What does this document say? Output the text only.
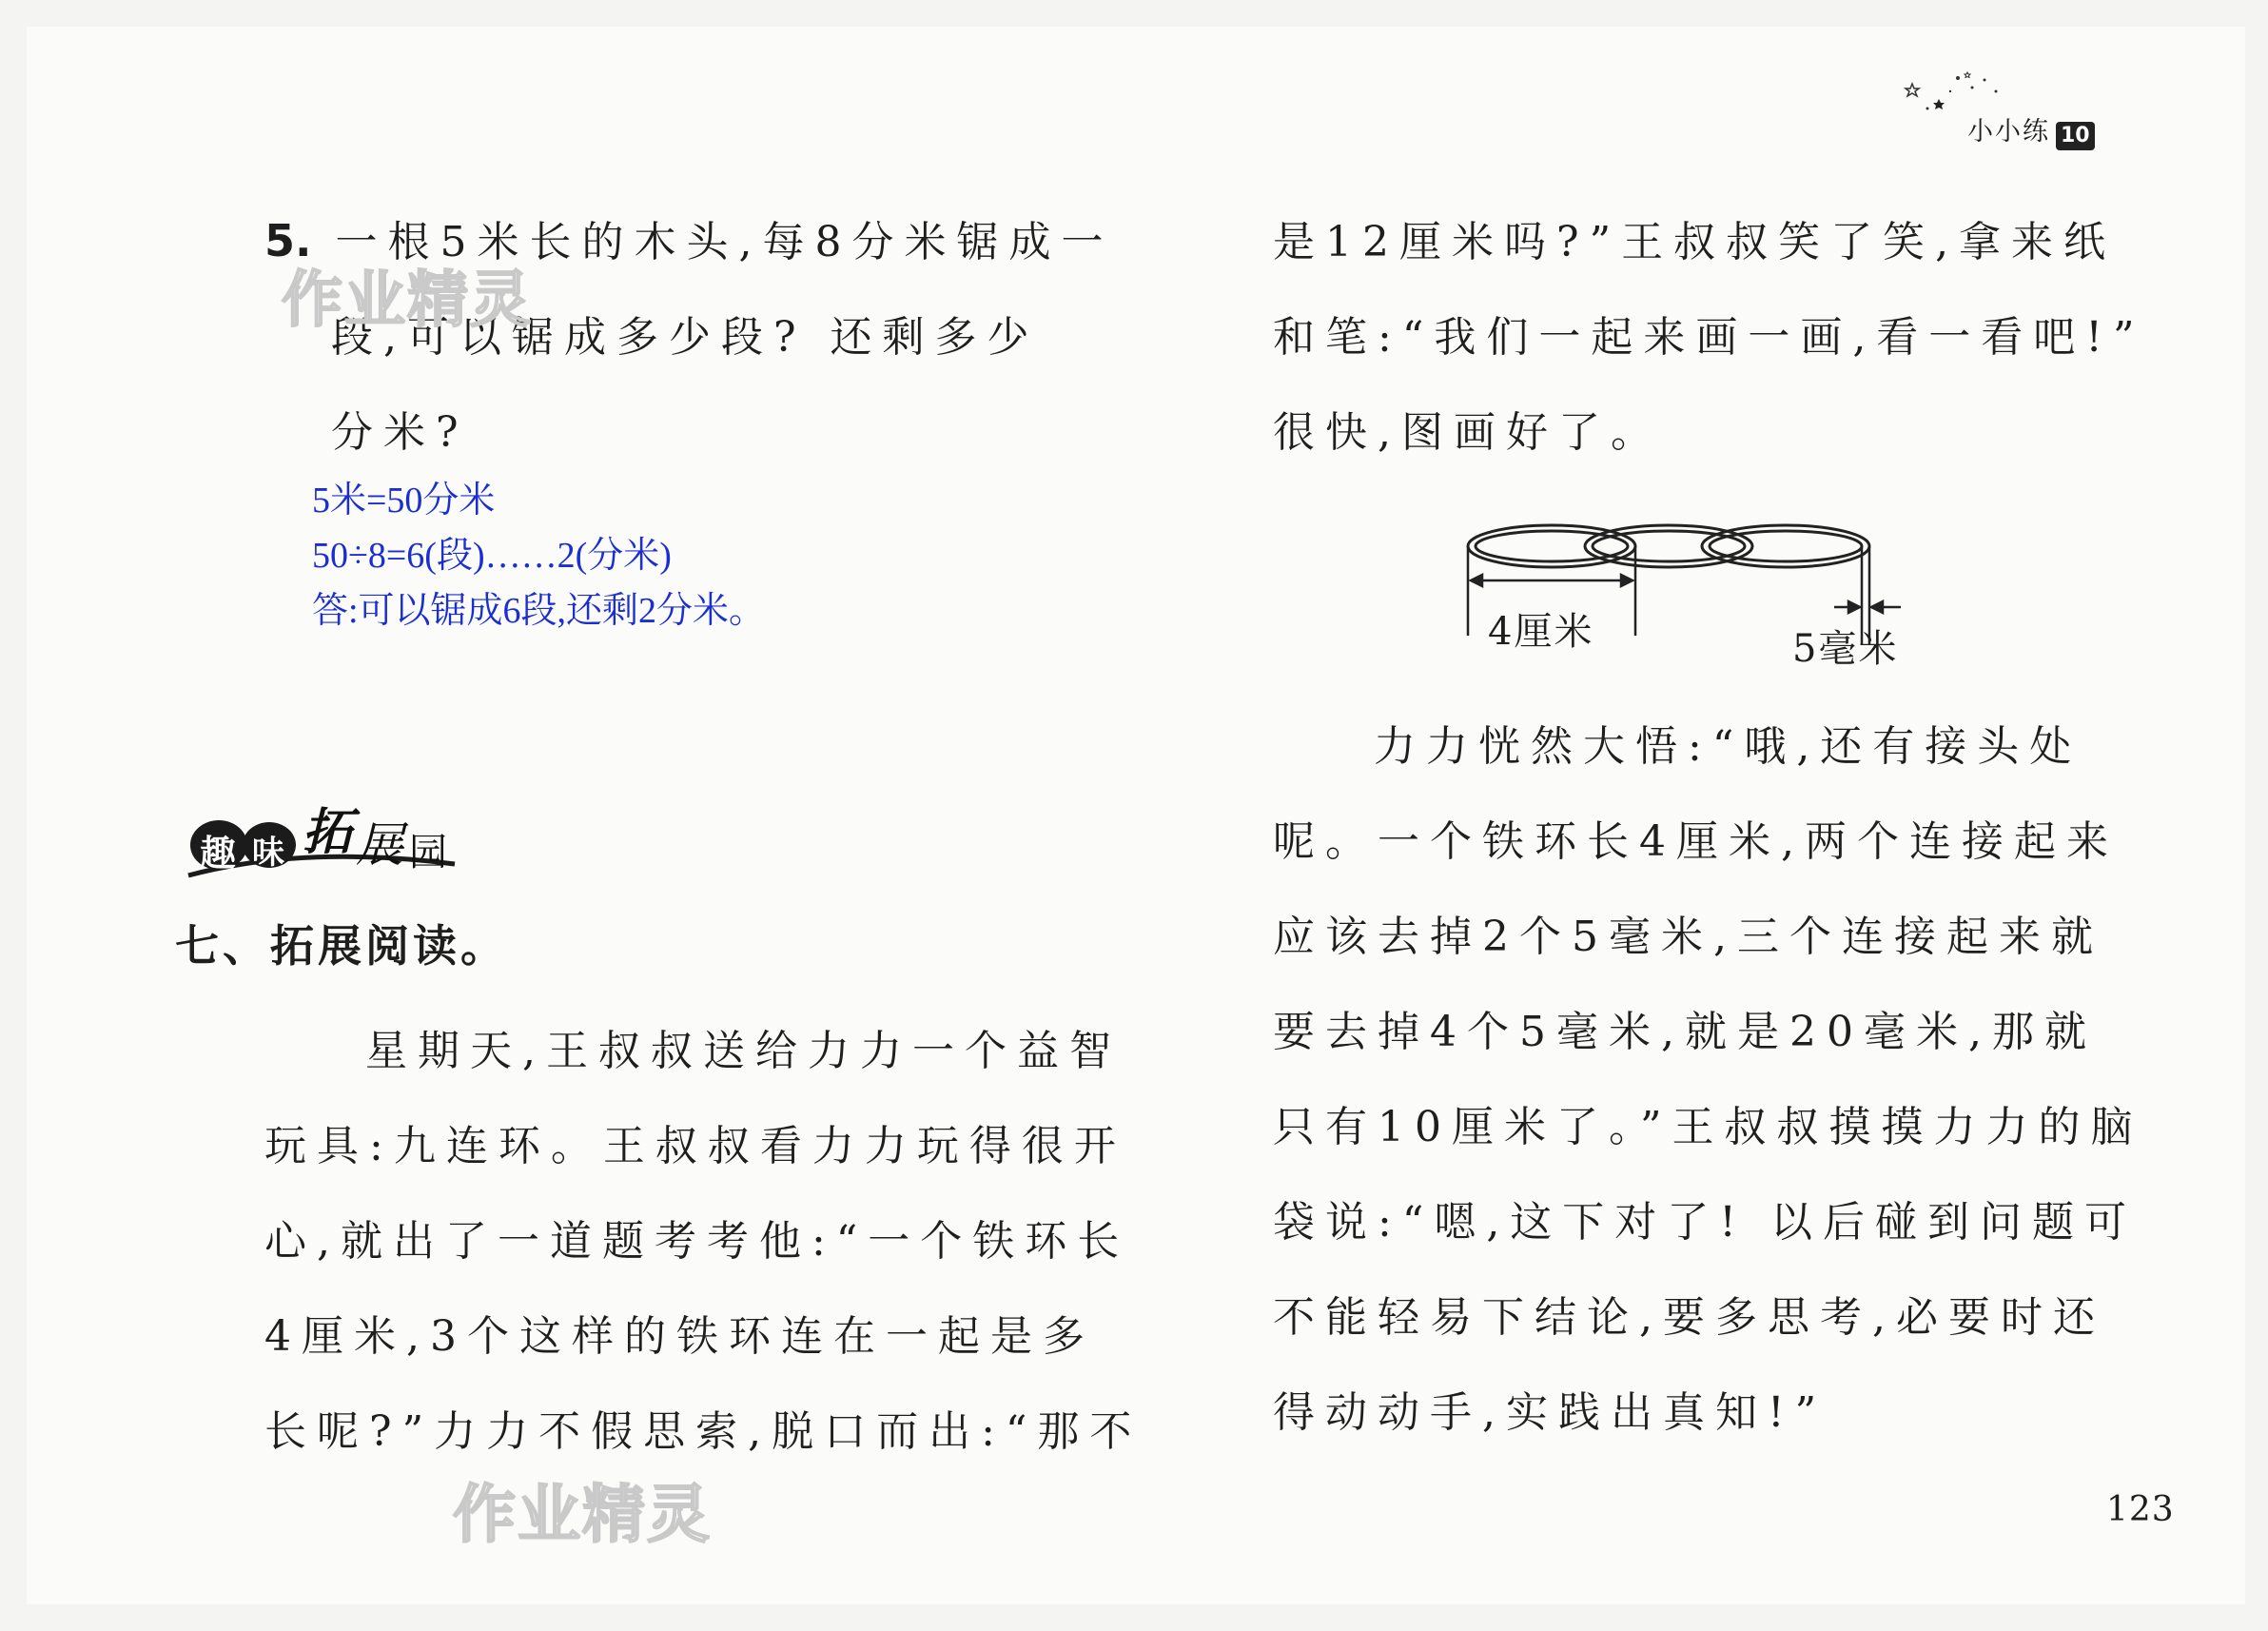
小小练 10
5. 一根5米长的木头,每8分米锯成一
段,可以锯成多少段? 还剩多少
分米?
5米=50分米
50÷8=6(段)……2(分米)
答:可以锯成6段,还剩2分米。
作业精灵
趣 味 拓 展 园
七、拓展阅读。
星期天,王叔叔送给力力一个益智
玩具:九连环。王叔叔看力力玩得很开
心,就出了一道题考考他:“一个铁环长
4厘米,3个这样的铁环连在一起是多
长呢?”力力不假思索,脱口而出:“那不
作业精灵
是12厘米吗?”王叔叔笑了笑,拿来纸
和笔:“我们一起来画一画,看一看吧!”
很快,图画好了。
4厘米	5毫米
力力恍然大悟:“哦,还有接头处
呢。一个铁环长4厘米,两个连接起来
应该去掉2个5毫米,三个连接起来就
要去掉4个5毫米,就是20毫米,那就
只有10厘米了。”王叔叔摸摸力力的脑
袋说:“嗯,这下对了! 以后碰到问题可
不能轻易下结论,要多思考,必要时还
得动动手,实践出真知!”
123
